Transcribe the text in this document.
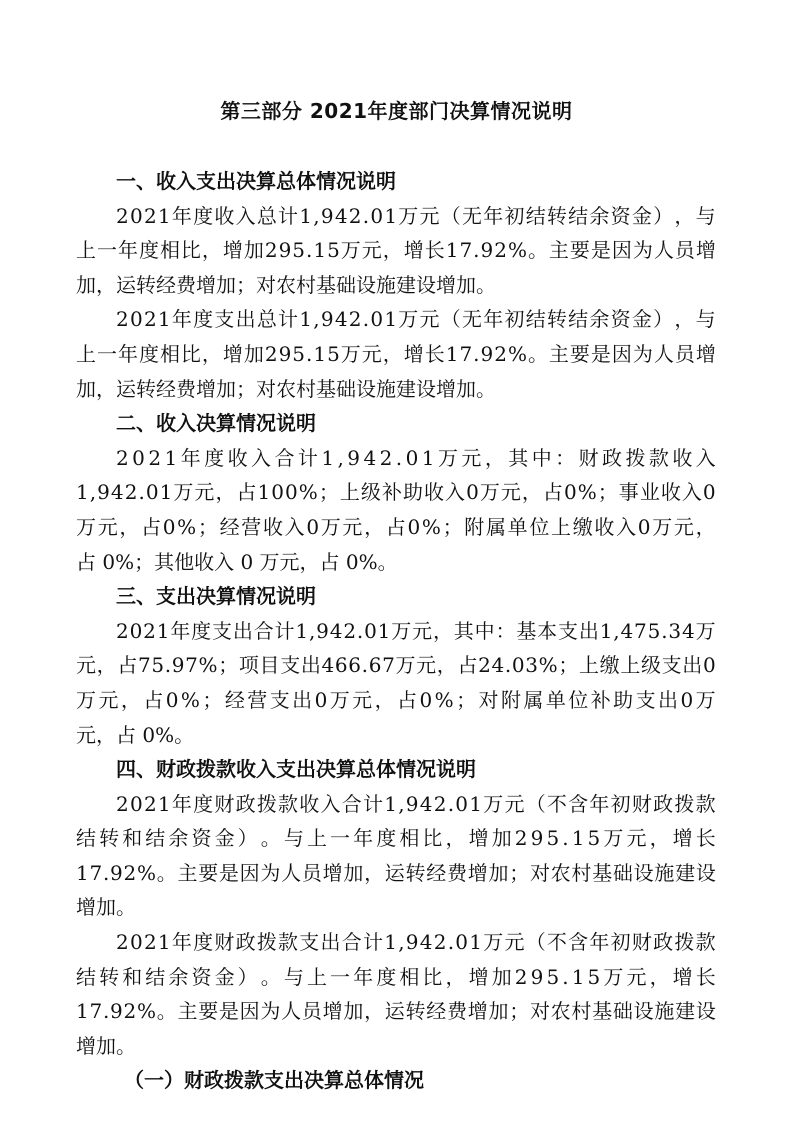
第三部分 2021年度部门决算情况说明
一、收入支出决算总体情况说明
2 0 2 1 年 度 收 入 总 计 1 , 9 4 2 . 0 1 万 元 （ 无 年 初 结 转 结 余 资 金 ） ， 与
上 一 年 度 相 比 ， 增 加 2 9 5 . 1 5 万 元 ， 增 长 1 7 . 9 2 % 。 主 要 是 因 为 人 员 增
加，运转经费增加；对农村基础设施建设增加。
2 0 2 1 年 度 支 出 总 计 1 , 9 4 2 . 0 1 万 元 （ 无 年 初 结 转 结 余 资 金 ） ， 与
上 一 年 度 相 比 ， 增 加 2 9 5 . 1 5 万 元 ， 增 长 1 7 . 9 2 % 。 主 要 是 因 为 人 员 增
加，运转经费增加；对农村基础设施建设增加。
二、收入决算情况说明
2 0 2 1 年 度 收 入 合 计 1 , 9 4 2 . 0 1 万 元 ， 其 中 ： 财 政 拨 款 收 入
1 , 9 4 2 . 0 1 万 元 ， 占 1 0 0 % ； 上 级 补 助 收 入 0 万 元 ， 占 0 % ； 事 业 收 入 0
万 元 ， 占 0 % ； 经 营 收 入 0 万 元 ， 占 0 % ； 附 属 单 位 上 缴 收 入 0 万 元 ，
占 0%；其他收入 0 万元，占 0%。
三、支出决算情况说明
2 0 2 1 年 度 支 出 合 计 1 , 9 4 2 . 0 1 万 元 ， 其 中 ： 基 本 支 出 1 , 4 7 5 . 3 4 万
元 ， 占 7 5 . 9 7 % ； 项 目 支 出 4 6 6 . 6 7 万 元 ， 占 2 4 . 0 3 % ； 上 缴 上 级 支 出 0
万 元 ， 占 0 % ； 经 营 支 出 0 万 元 ， 占 0 % ； 对 附 属 单 位 补 助 支 出 0 万
元，占 0%。
四、财政拨款收入支出决算总体情况说明
2 0 2 1 年 度 财 政 拨 款 收 入 合 计 1 , 9 4 2 . 0 1 万 元 （ 不 含 年 初 财 政 拨 款
结 转 和 结 余 资 金 ） 。 与 上 一 年 度 相 比 ， 增 加 2 9 5 . 1 5 万 元 ， 增 长
1 7 . 9 2 % 。 主 要 是 因 为 人 员 增 加 ， 运 转 经 费 增 加 ； 对 农 村 基 础 设 施 建 设
增加。
2 0 2 1 年 度 财 政 拨 款 支 出 合 计 1 , 9 4 2 . 0 1 万 元 （ 不 含 年 初 财 政 拨 款
结 转 和 结 余 资 金 ） 。 与 上 一 年 度 相 比 ， 增 加 2 9 5 . 1 5 万 元 ， 增 长
1 7 . 9 2 % 。 主 要 是 因 为 人 员 增 加 ， 运 转 经 费 增 加 ； 对 农 村 基 础 设 施 建 设
增加。
（一）财政拨款支出决算总体情况
